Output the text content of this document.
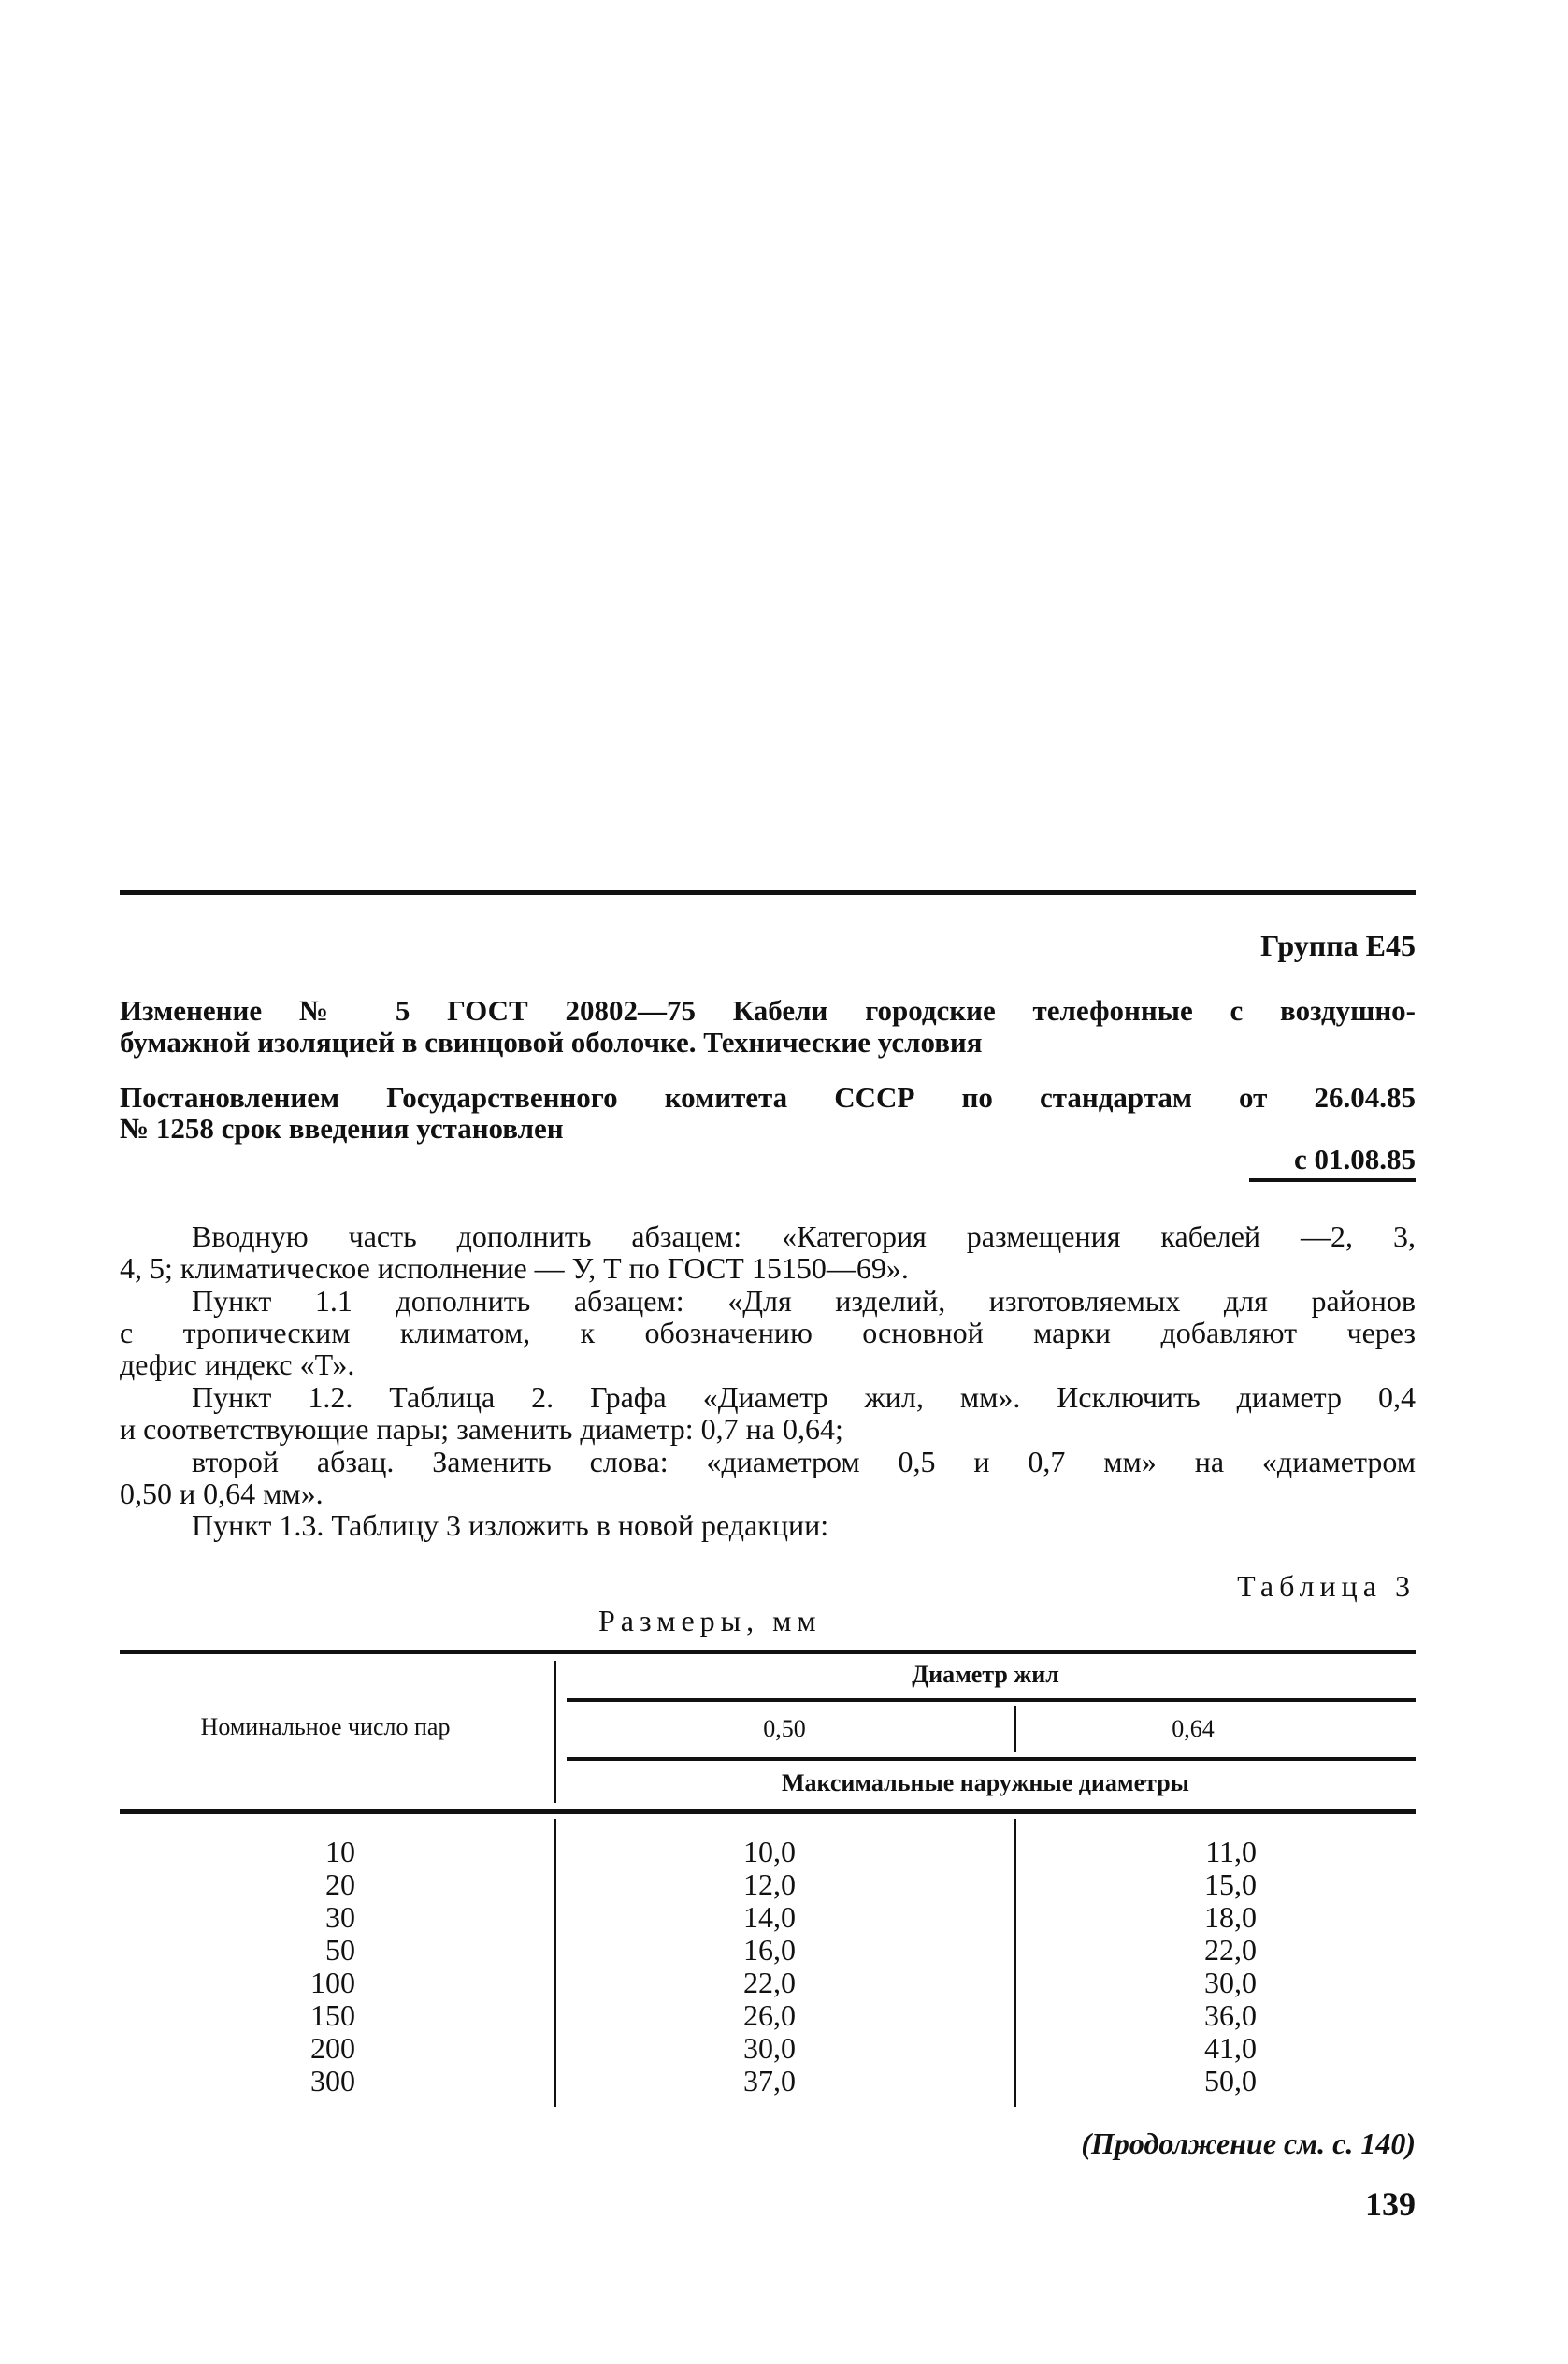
Группа Е45
Изменение № 5 ГОСТ 20802—75 Кабели городские телефонные с воздушно-
бумажной изоляцией в свинцовой оболочке. Технические условия
Постановлением Государственного комитета СССР по стандартам от 26.04.85
№ 1258 срок введения установлен
с 01.08.85
Вводную часть дополнить абзацем: «Категория размещения кабелей —2, 3,
4, 5; климатическое исполнение — У, Т по ГОСТ 15150—69».
Пункт 1.1 дополнить абзацем: «Для изделий, изготовляемых для районов
с тропическим климатом, к обозначению основной марки добавляют через
дефис индекс «Т».
Пункт 1.2. Таблица 2. Графа «Диаметр жил, мм». Исключить диаметр 0,4
и соответствующие пары; заменить диаметр: 0,7 на 0,64;
второй абзац. Заменить слова: «диаметром 0,5 и 0,7 мм» на «диаметром
0,50 и 0,64 мм».
Пункт 1.3. Таблицу 3 изложить в новой редакции:
Таблица 3
Размеры, мм
Номинальное число пар
Диаметр жил
0,50	0,64
Максимальные наружные диаметры
10	10,0	11,0
20	12,0	15,0
30	14,0	18,0
50	16,0	22,0
100	22,0	30,0
150	26,0	36,0
200	30,0	41,0
300	37,0	50,0
(Продолжение см. с. 140)
139
